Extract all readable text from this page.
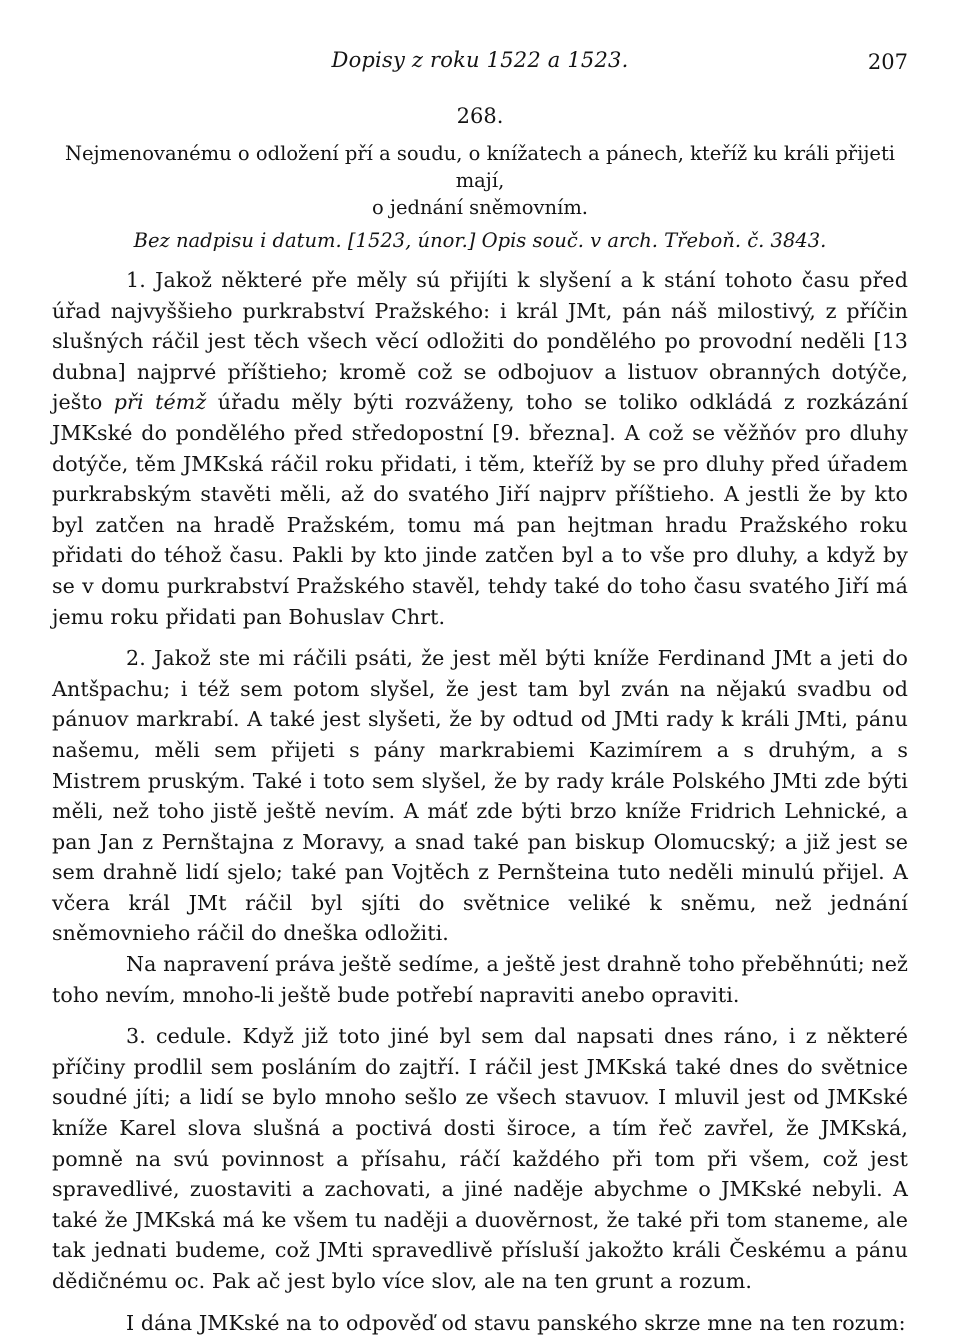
Dopisy z roku 1522 a 1523.	207
268.
Nejmenovanému o odložení pří a soudu, o knížatech a pánech, kteříž ku králi přijeti mají,
o jednání sněmovním.
Bez nadpisu i datum. [1523, únor.] Opis souč. v arch. Třeboň. č. 3843.

1. Jakož některé pře měly sú přijíti k slyšení a k stání tohoto času před úřad najvyššieho purkrabství Pražského: i král JMt, pán náš milostivý, z příčin slušných ráčil jest těch všech věcí odložiti do pondělého po provodní neděli [13 dubna] najprvé příštieho; kromě což se odbojuov a listuov obranných dotýče, ješto při témž úřadu měly býti rozváženy, toho se toliko odkládá z rozkázání JMKské do pondělého před středopostní [9. března]. A což se věžňóv pro dluhy dotýče, těm JMKská ráčil roku přidati, i těm, kteříž by se pro dluhy před úřadem purkrabským stavěti měli, až do svatého Jiří najprv příštieho. A jestli že by kto byl zatčen na hradě Pražském, tomu má pan hejtman hradu Pražského roku přidati do téhož času. Pakli by kto jinde zatčen byl a to vše pro dluhy, a když by se v domu purkrabství Pražského stavěl, tehdy také do toho času svatého Jiří má jemu roku přidati pan Bohuslav Chrt.

2. Jakož ste mi ráčili psáti, že jest měl býti kníže Ferdinand JMt a jeti do Antšpachu; i též sem potom slyšel, že jest tam byl zván na nějakú svadbu od pánuov markrabí. A také jest slyšeti, že by odtud od JMti rady k králi JMti, pánu našemu, měli sem přijeti s pány markrabiemi Kazimírem a s druhým, a s Mistrem pruským. Také i toto sem slyšel, že by rady krále Polského JMti zde býti měli, než toho jistě ještě nevím. A máť zde býti brzo kníže Fridrich Lehnické, a pan Jan z Pernštajna z Moravy, a snad také pan biskup Olomucský; a již jest se sem drahně lidí sjelo; také pan Vojtěch z Pernšteina tuto neděli minulú přijel. A včera král JMt ráčil byl sjíti do světnice veliké k sněmu, než jednání sněmovnieho ráčil do dneška odložiti.

Na napravení práva ještě sedíme, a ještě jest drahně toho přeběhnúti; než toho nevím, mnoho-li ještě bude potřebí napraviti anebo opraviti.

3. cedule. Když již toto jiné byl sem dal napsati dnes ráno, i z některé příčiny prodlil sem posláním do zajtří. I ráčil jest JMKská také dnes do světnice soudné jíti; a lidí se bylo mnoho sešlo ze všech stavuov. I mluvil jest od JMKské kníže Karel slova slušná a poctivá dosti široce, a tím řeč zavřel, že JMKská, pomně na svú povinnost a přísahu, ráčí každého při tom při všem, což jest spravedlivé, zuostaviti a zachovati, a jiné naděje abychme o JMKské nebyli. A také že JMKská má ke všem tu naději a duověrnost, že také při tom staneme, ale tak jednati budeme, což JMti spravedlivě přísluší jakožto králi Českému a pánu dědičnému oc. Pak ač jest bylo více slov, ale na ten grunt a rozum.

I dána JMKské na to odpověď od stavu panského skrze mne na ten rozum:
